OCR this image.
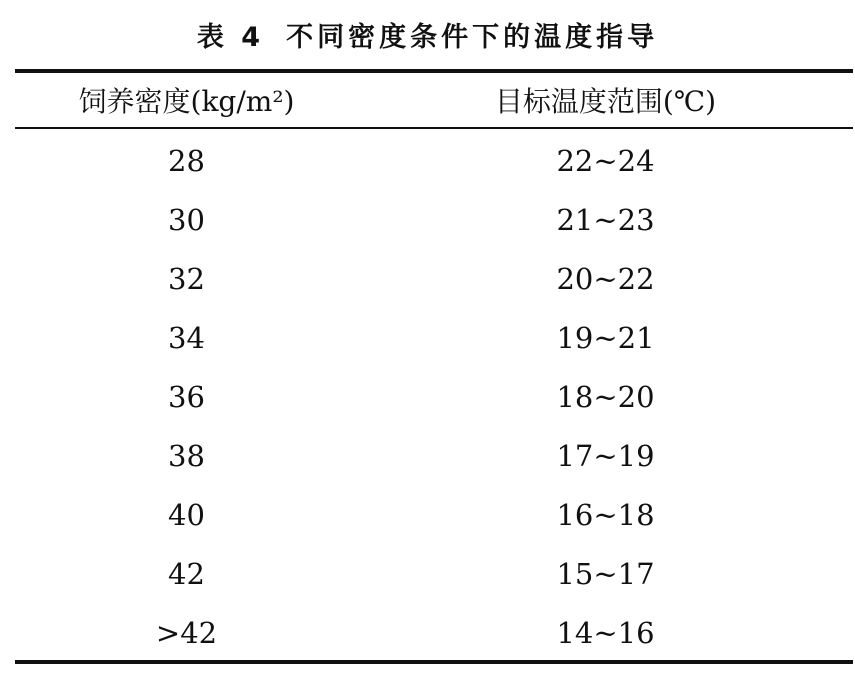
表 4 不同密度条件下的温度指导
饲养密度(kg/m²)	目标温度范围(℃)
28	22~24
30	21~23
32	20~22
34	19~21
36	18~20
38	17~19
40	16~18
42	15~17
>42	14~16
